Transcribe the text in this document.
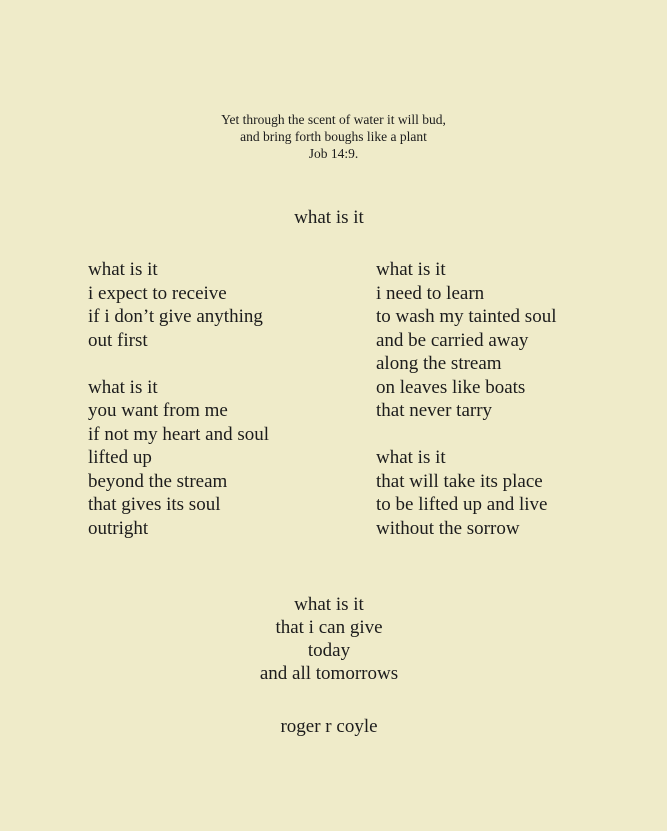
Yet through the scent of water it will bud,
and bring forth boughs like a plant
Job 14:9.
what is it
what is it
i expect to receive
if i don’t give anything
out first
what is it
you want from me
if not my heart and soul
lifted up
beyond the stream
that gives its soul
outright
what is it
i need to learn
to wash my tainted soul
and be carried away
along the stream
on leaves like boats
that never tarry
what is it
that will take its place
to be lifted up and live
without the sorrow
what is it
that i can give
today
and all tomorrows
roger r coyle
